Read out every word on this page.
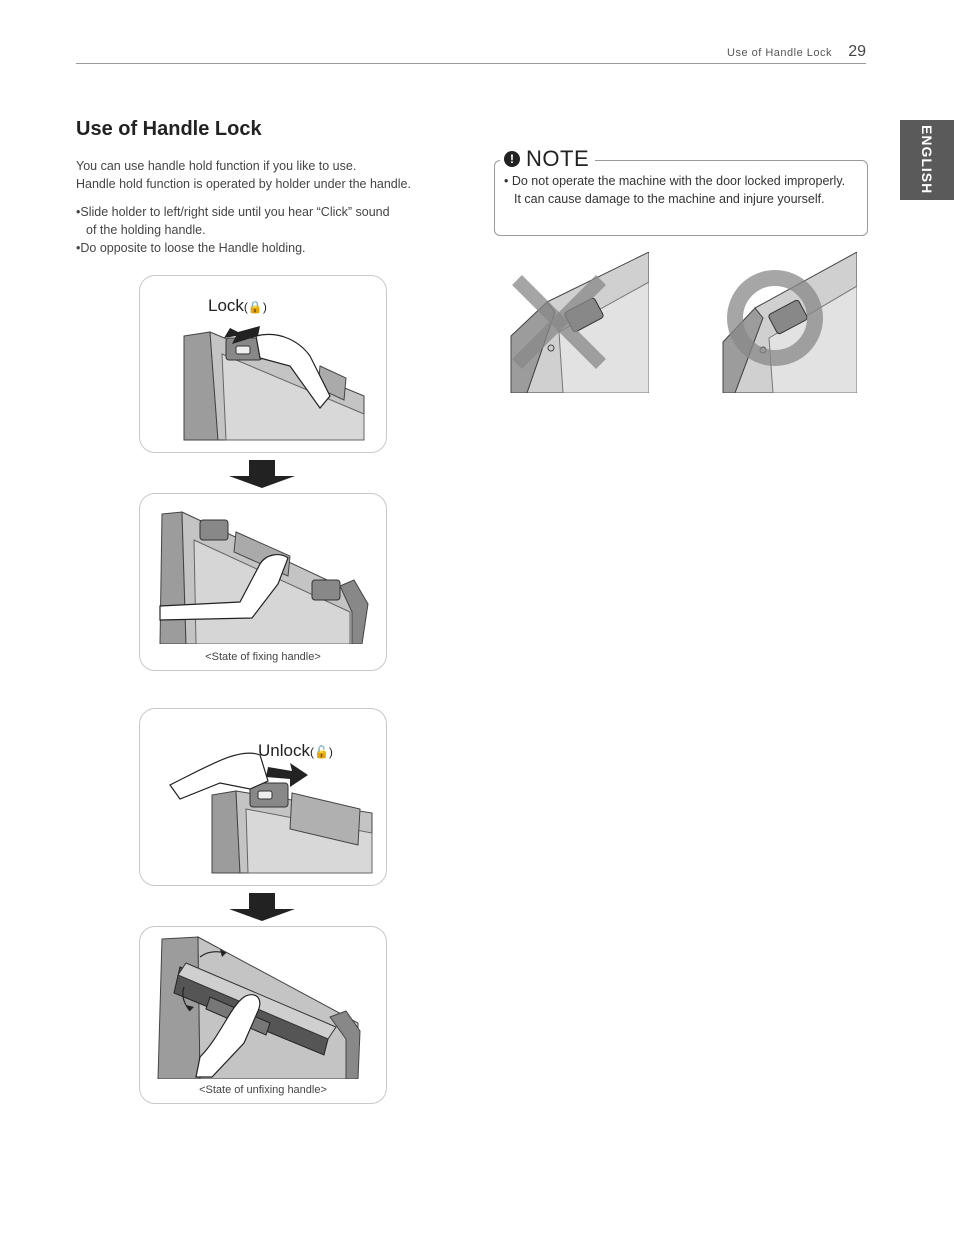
Use of Handle Lock 29
ENGLISH
Use of Handle Lock
You can use handle hold function if you like to use.
Handle hold function is operated by holder under the handle.
•Slide holder to left/right side until you hear “Click” sound
of the holding handle.
•Do opposite to loose the Handle holding.
Lock(🔒)
<State of fixing handle>
Unlock(🔓)
<State of unfixing handle>
! NOTE
• Do not operate the machine with the door locked improperly.
It can cause damage to the machine and injure yourself.
